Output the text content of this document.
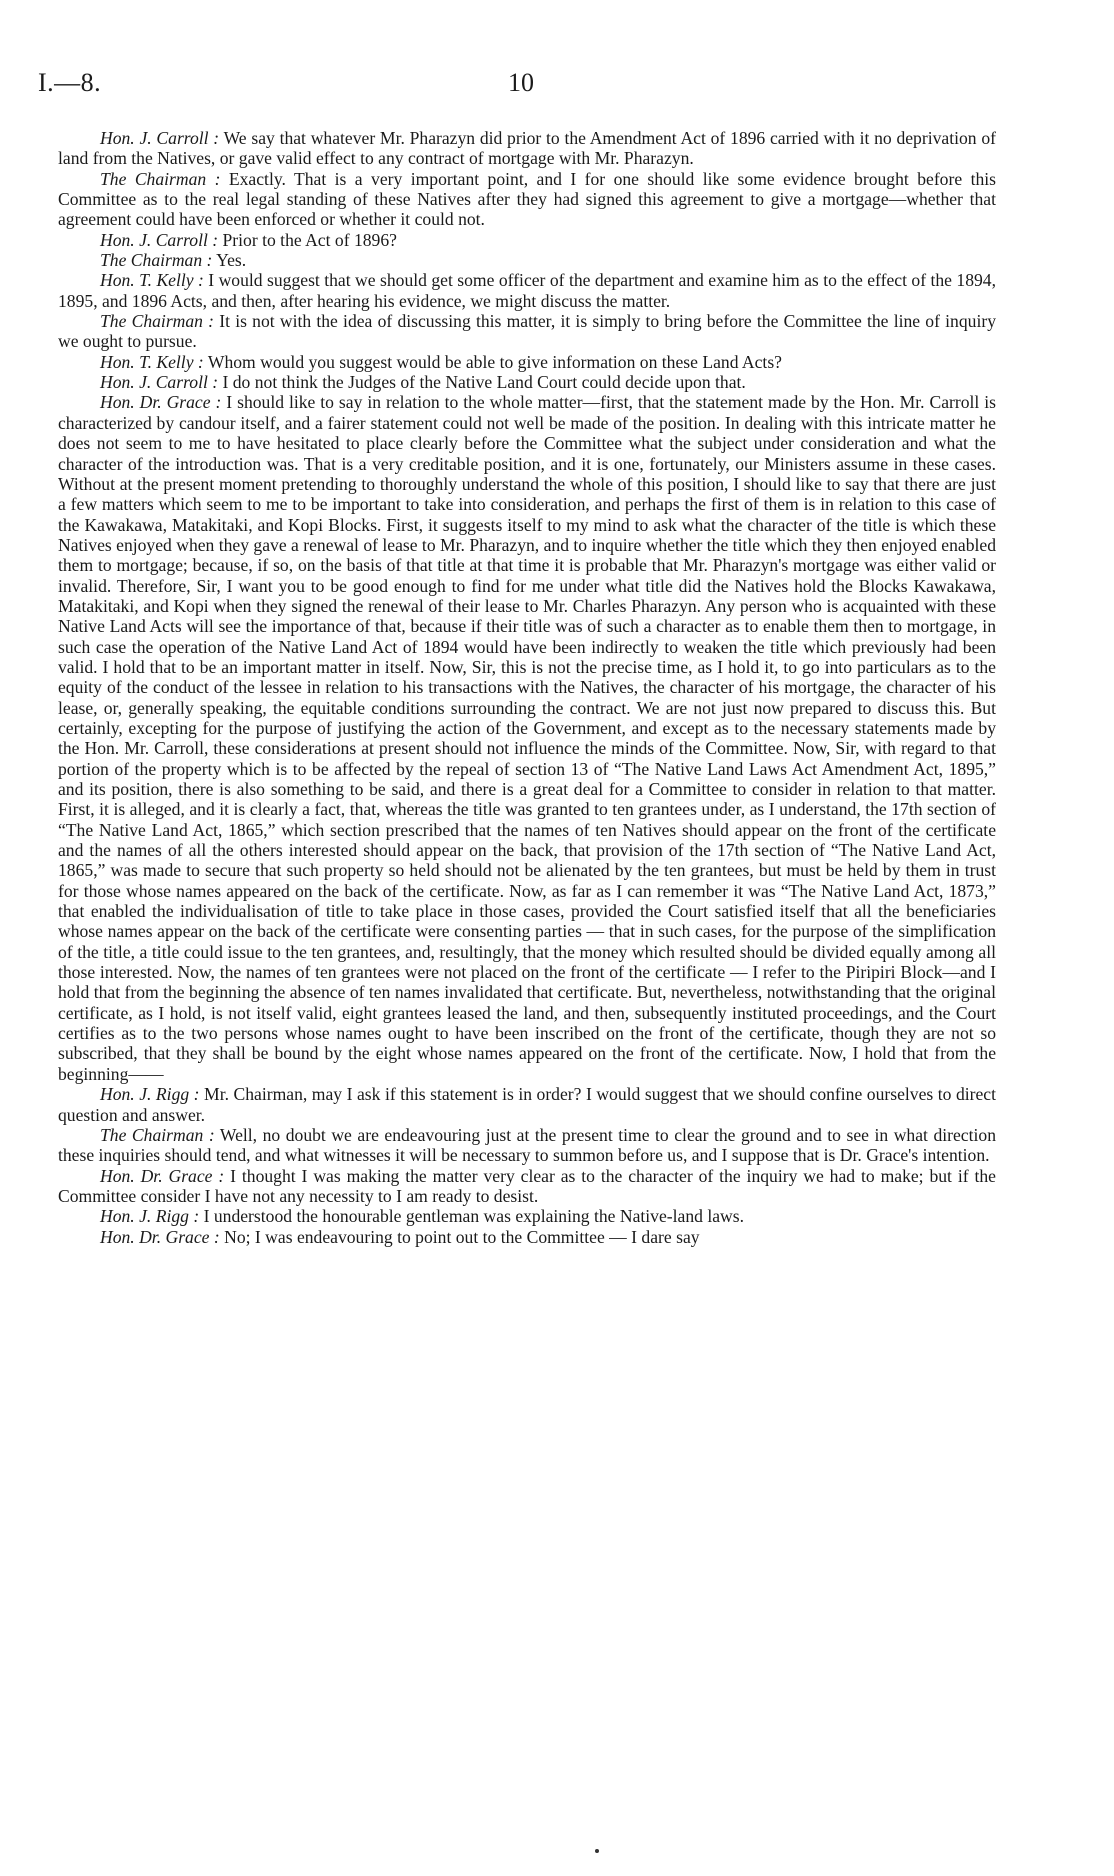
I.—8.	10

Hon. J. Carroll : We say that whatever Mr. Pharazyn did prior to the Amendment Act of 1896 carried with it no deprivation of land from the Natives, or gave valid effect to any contract of mortgage with Mr. Pharazyn.

The Chairman : Exactly. That is a very important point, and I for one should like some evidence brought before this Committee as to the real legal standing of these Natives after they had signed this agreement to give a mortgage—whether that agreement could have been enforced or whether it could not.

Hon. J. Carroll : Prior to the Act of 1896?

The Chairman : Yes.

Hon. T. Kelly : I would suggest that we should get some officer of the department and examine him as to the effect of the 1894, 1895, and 1896 Acts, and then, after hearing his evidence, we might discuss the matter.

The Chairman : It is not with the idea of discussing this matter, it is simply to bring before the Committee the line of inquiry we ought to pursue.

Hon. T. Kelly : Whom would you suggest would be able to give information on these Land Acts?

Hon. J. Carroll : I do not think the Judges of the Native Land Court could decide upon that.

Hon. Dr. Grace : I should like to say in relation to the whole matter—first, that the statement made by the Hon. Mr. Carroll is characterized by candour itself, and a fairer statement could not well be made of the position. In dealing with this intricate matter he does not seem to me to have hesitated to place clearly before the Committee what the subject under consideration and what the character of the introduction was. That is a very creditable position, and it is one, fortunately, our Ministers assume in these cases. Without at the present moment pretending to thoroughly understand the whole of this position, I should like to say that there are just a few matters which seem to me to be important to take into consideration, and perhaps the first of them is in relation to this case of the Kawakawa, Matakitaki, and Kopi Blocks. First, it suggests itself to my mind to ask what the character of the title is which these Natives enjoyed when they gave a renewal of lease to Mr. Pharazyn, and to inquire whether the title which they then enjoyed enabled them to mortgage; because, if so, on the basis of that title at that time it is probable that Mr. Pharazyn's mortgage was either valid or invalid. Therefore, Sir, I want you to be good enough to find for me under what title did the Natives hold the Blocks Kawakawa, Matakitaki, and Kopi when they signed the renewal of their lease to Mr. Charles Pharazyn. Any person who is acquainted with these Native Land Acts will see the importance of that, because if their title was of such a character as to enable them then to mortgage, in such case the operation of the Native Land Act of 1894 would have been indirectly to weaken the title which previously had been valid. I hold that to be an important matter in itself. Now, Sir, this is not the precise time, as I hold it, to go into particulars as to the equity of the conduct of the lessee in relation to his transactions with the Natives, the character of his mortgage, the character of his lease, or, generally speaking, the equitable conditions surrounding the contract. We are not just now prepared to discuss this. But certainly, excepting for the purpose of justifying the action of the Government, and except as to the necessary statements made by the Hon. Mr. Carroll, these considerations at present should not influence the minds of the Committee. Now, Sir, with regard to that portion of the property which is to be affected by the repeal of section 13 of “The Native Land Laws Act Amendment Act, 1895,” and its position, there is also something to be said, and there is a great deal for a Committee to consider in relation to that matter. First, it is alleged, and it is clearly a fact, that, whereas the title was granted to ten grantees under, as I understand, the 17th section of “The Native Land Act, 1865,” which section prescribed that the names of ten Natives should appear on the front of the certificate and the names of all the others interested should appear on the back, that provision of the 17th section of “The Native Land Act, 1865,” was made to secure that such property so held should not be alienated by the ten grantees, but must be held by them in trust for those whose names appeared on the back of the certificate. Now, as far as I can remember it was “The Native Land Act, 1873,” that enabled the individualisation of title to take place in those cases, provided the Court satisfied itself that all the beneficiaries whose names appear on the back of the certificate were consenting parties — that in such cases, for the purpose of the simplification of the title, a title could issue to the ten grantees, and, resultingly, that the money which resulted should be divided equally among all those interested. Now, the names of ten grantees were not placed on the front of the certificate — I refer to the Piripiri Block—and I hold that from the beginning the absence of ten names invalidated that certificate. But, nevertheless, notwithstanding that the original certificate, as I hold, is not itself valid, eight grantees leased the land, and then, subsequently instituted proceedings, and the Court certifies as to the two persons whose names ought to have been inscribed on the front of the certificate, though they are not so subscribed, that they shall be bound by the eight whose names appeared on the front of the certificate. Now, I hold that from the beginning——

Hon. J. Rigg : Mr. Chairman, may I ask if this statement is in order? I would suggest that we should confine ourselves to direct question and answer.

The Chairman : Well, no doubt we are endeavouring just at the present time to clear the ground and to see in what direction these inquiries should tend, and what witnesses it will be necessary to summon before us, and I suppose that is Dr. Grace's intention.

Hon. Dr. Grace : I thought I was making the matter very clear as to the character of the inquiry we had to make; but if the Committee consider I have not any necessity to I am ready to desist.

Hon. J. Rigg : I understood the honourable gentleman was explaining the Native-land laws.

Hon. Dr. Grace : No; I was endeavouring to point out to the Committee — I dare say
